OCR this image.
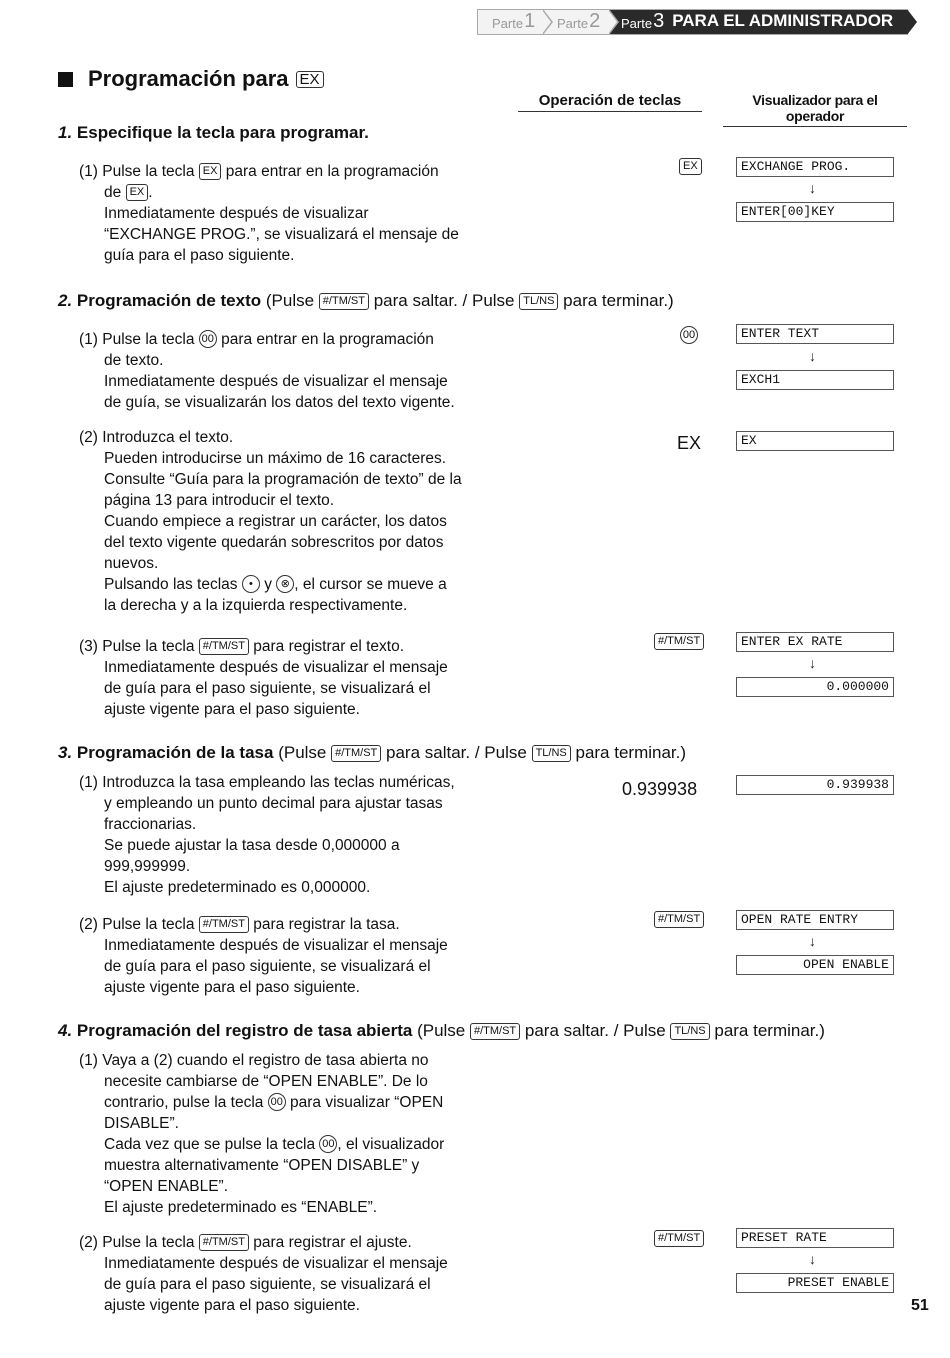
Parte 1 Parte 2 Parte 3 PARA EL ADMINISTRADOR
Programación para EX
Operación de teclas	Visualizador para el operador
1. Especifique la tecla para programar.
(1) Pulse la tecla EX para entrar en la programación
de EX .
Inmediatamente después de visualizar
“EXCHANGE PROG.”, se visualizará el mensaje de
guía para el paso siguiente.
EX	EXCHANGE PROG.
↓
ENTER[00]KEY
2. Programación de texto (Pulse #/TM/ST para saltar. / Pulse TL/NS para terminar.)
(1) Pulse la tecla 00 para entrar en la programación
de texto.
Inmediatamente después de visualizar el mensaje
de guía, se visualizarán los datos del texto vigente.
00	ENTER TEXT
↓
EXCH1
(2) Introduzca el texto.
Pueden introducirse un máximo de 16 caracteres.
Consulte “Guía para la programación de texto” de la
página 13 para introducir el texto.
Cuando empiece a registrar un carácter, los datos
del texto vigente quedarán sobrescritos por datos
nuevos.
Pulsando las teclas • y ⊗ , el cursor se mueve a
la derecha y a la izquierda respectivamente.
EX	EX
(3) Pulse la tecla #/TM/ST para registrar el texto.
Inmediatamente después de visualizar el mensaje
de guía para el paso siguiente, se visualizará el
ajuste vigente para el paso siguiente.
#/TM/ST	ENTER EX RATE
↓
0.000000
3. Programación de la tasa (Pulse #/TM/ST para saltar. / Pulse TL/NS para terminar.)
(1) Introduzca la tasa empleando las teclas numéricas,
y empleando un punto decimal para ajustar tasas
fraccionarias.
Se puede ajustar la tasa desde 0,000000 a
999,999999.
El ajuste predeterminado es 0,000000.
0.939938	0.939938
(2) Pulse la tecla #/TM/ST para registrar la tasa.
Inmediatamente después de visualizar el mensaje
de guía para el paso siguiente, se visualizará el
ajuste vigente para el paso siguiente.
#/TM/ST	OPEN RATE ENTRY
↓
OPEN ENABLE
4. Programación del registro de tasa abierta (Pulse #/TM/ST para saltar. / Pulse TL/NS para terminar.)
(1) Vaya a (2) cuando el registro de tasa abierta no
necesite cambiarse de “OPEN ENABLE”. De lo
contrario, pulse la tecla 00 para visualizar “OPEN
DISABLE”.
Cada vez que se pulse la tecla 00 , el visualizador
muestra alternativamente “OPEN DISABLE” y
“OPEN ENABLE”.
El ajuste predeterminado es “ENABLE”.
(2) Pulse la tecla #/TM/ST para registrar el ajuste.
Inmediatamente después de visualizar el mensaje
de guía para el paso siguiente, se visualizará el
ajuste vigente para el paso siguiente.
#/TM/ST	PRESET RATE
↓
PRESET ENABLE
51
